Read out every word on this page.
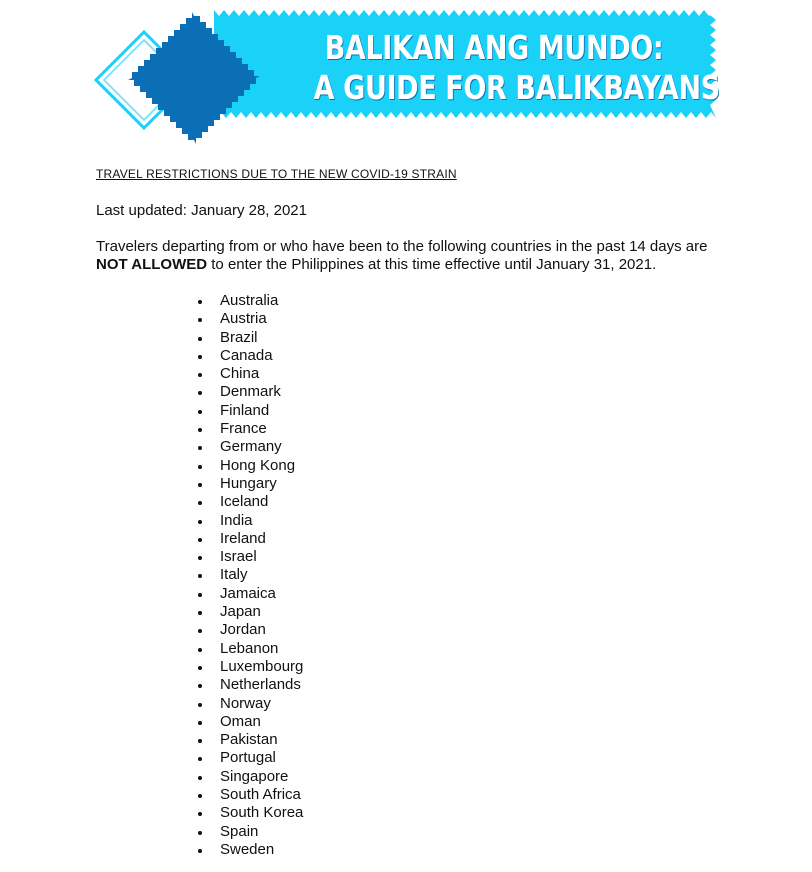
BALIKAN ANG MUNDO:
A GUIDE FOR BALIKBAYANS
TRAVEL RESTRICTIONS DUE TO THE NEW COVID-19 STRAIN
Last updated: January 28, 2021
Travelers departing from or who have been to the following countries in the past 14 days are NOT ALLOWED to enter the Philippines at this time effective until January 31, 2021.
Australia
Austria
Brazil
Canada
China
Denmark
Finland
France
Germany
Hong Kong
Hungary
Iceland
India
Ireland
Israel
Italy
Jamaica
Japan
Jordan
Lebanon
Luxembourg
Netherlands
Norway
Oman
Pakistan
Portugal
Singapore
South Africa
South Korea
Spain
Sweden
